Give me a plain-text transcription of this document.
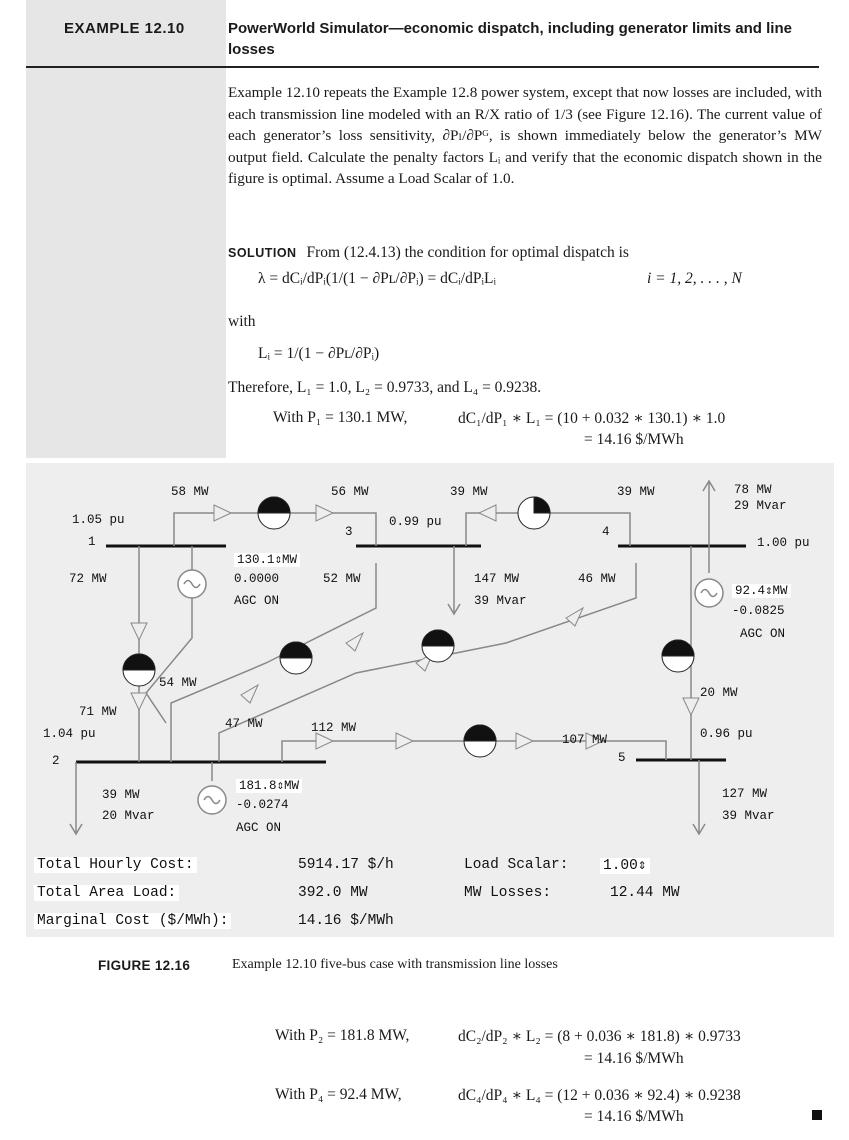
EXAMPLE 12.10	PowerWorld Simulator—economic dispatch, including generator limits and line losses
Example 12.10 repeats the Example 12.8 power system, except that now losses are included, with each transmission line modeled with an R/X ratio of 1/3 (see Figure 12.16). The current value of each generator’s loss sensitivity, ∂Pₗ/∂Pᴳ, is shown immediately below the generator’s MW output field. Calculate the penalty factors Lᵢ and verify that the economic dispatch shown in the figure is optimal. Assume a Load Scalar of 1.0.
SOLUTION From (12.4.13) the condition for optimal dispatch is
λ = dCᵢ/dPᵢ(1/(1 − ∂Pʟ/∂Pᵢ) = dCᵢ/dPᵢLᵢ	i = 1, 2, . . . , N
with
Lᵢ = 1/(1 − ∂Pʟ/∂Pᵢ)
Therefore, L₁ = 1.0, L₂ = 0.9733, and L₄ = 0.9238.
With P₁ = 130.1 MW,	dC₁/dP₁ ∗ L₁ = (10 + 0.032 ∗ 130.1) ∗ 1.0
= 14.16 $/MWh
1.05 pu
1
1.04 pu
2
0.99 pu
3
1.00 pu
4
0.96 pu
5
58 MW	56 MW	39 MW	39 MW
72 MW
71 MW
54 MW
52 MW
47 MW	112 MW
107 MW
46 MW
20 MW
130.1⇕MW
0.0000
AGC ON
181.8⇕MW
-0.0274
AGC ON
92.4⇕MW
-0.0825
AGC ON
147 MW
39 Mvar
78 MW
29 Mvar
39 MW
20 Mvar
127 MW
39 Mvar
Total Hourly Cost:	5914.17 $/h
Total Area Load:	392.0 MW
Marginal Cost ($/MWh):	14.16 $/MWh
Load Scalar: 1.00⇕
MW Losses:	12.44 MW
FIGURE 12.16	Example 12.10 five-bus case with transmission line losses
With P₂ = 181.8 MW,	dC₂/dP₂ ∗ L₂ = (8 + 0.036 ∗ 181.8) ∗ 0.9733
= 14.16 $/MWh
With P₄ = 92.4 MW,	dC₄/dP₄ ∗ L₄ = (12 + 0.036 ∗ 92.4) ∗ 0.9238
= 14.16 $/MWh
